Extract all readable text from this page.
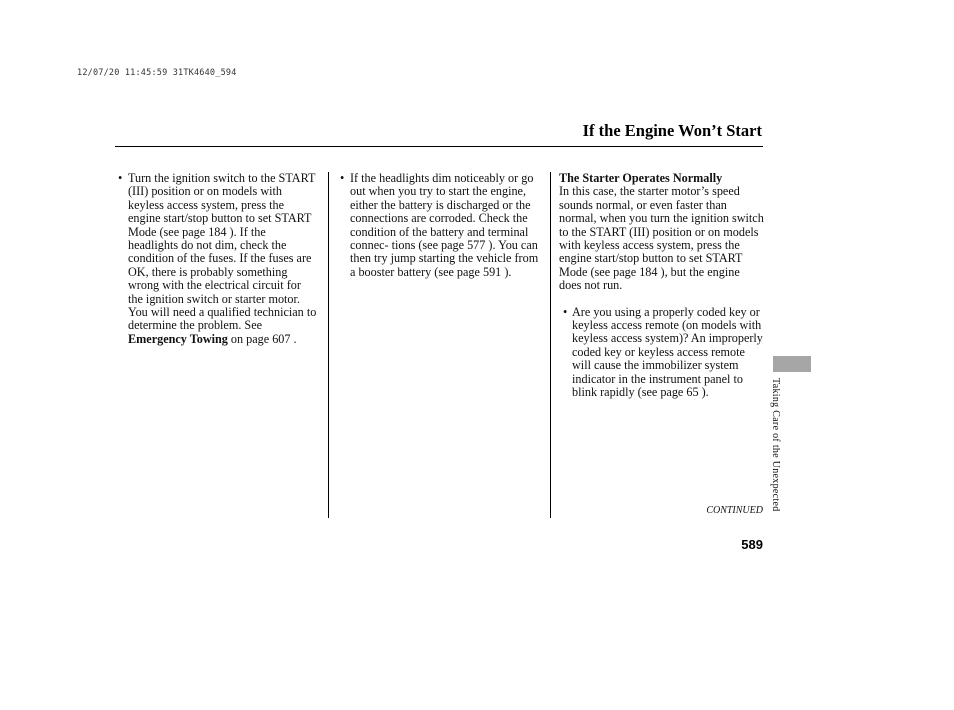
12/07/20 11:45:59 31TK4640_594
If the Engine Won’t Start

• Turn the ignition switch to the START (III) position or on models with keyless access system, press the engine start/stop button to set START Mode (see page 184 ). If the headlights do not dim, check the condition of the fuses. If the fuses are OK, there is probably something wrong with the electrical circuit for the ignition switch or starter motor. You will need a qualified technician to determine the problem. See Emergency Towing on page 607 .

• If the headlights dim noticeably or go out when you try to start the engine, either the battery is discharged or the connections are corroded. Check the condition of the battery and terminal connec- tions (see page 577 ). You can then try jump starting the vehicle from a booster battery (see page 591 ).

The Starter Operates Normally

In this case, the starter motor’s speed sounds normal, or even faster than normal, when you turn the ignition switch to the START (III) position or on models with keyless access system, press the engine start/stop button to set START Mode (see page 184 ), but the engine does not run.

• Are you using a properly coded key or keyless access remote (on models with keyless access system)? An improperly coded key or keyless access remote will cause the immobilizer system indicator in the instrument panel to blink rapidly (see page 65 ).

CONTINUED
589
Taking Care of the Unexpected
